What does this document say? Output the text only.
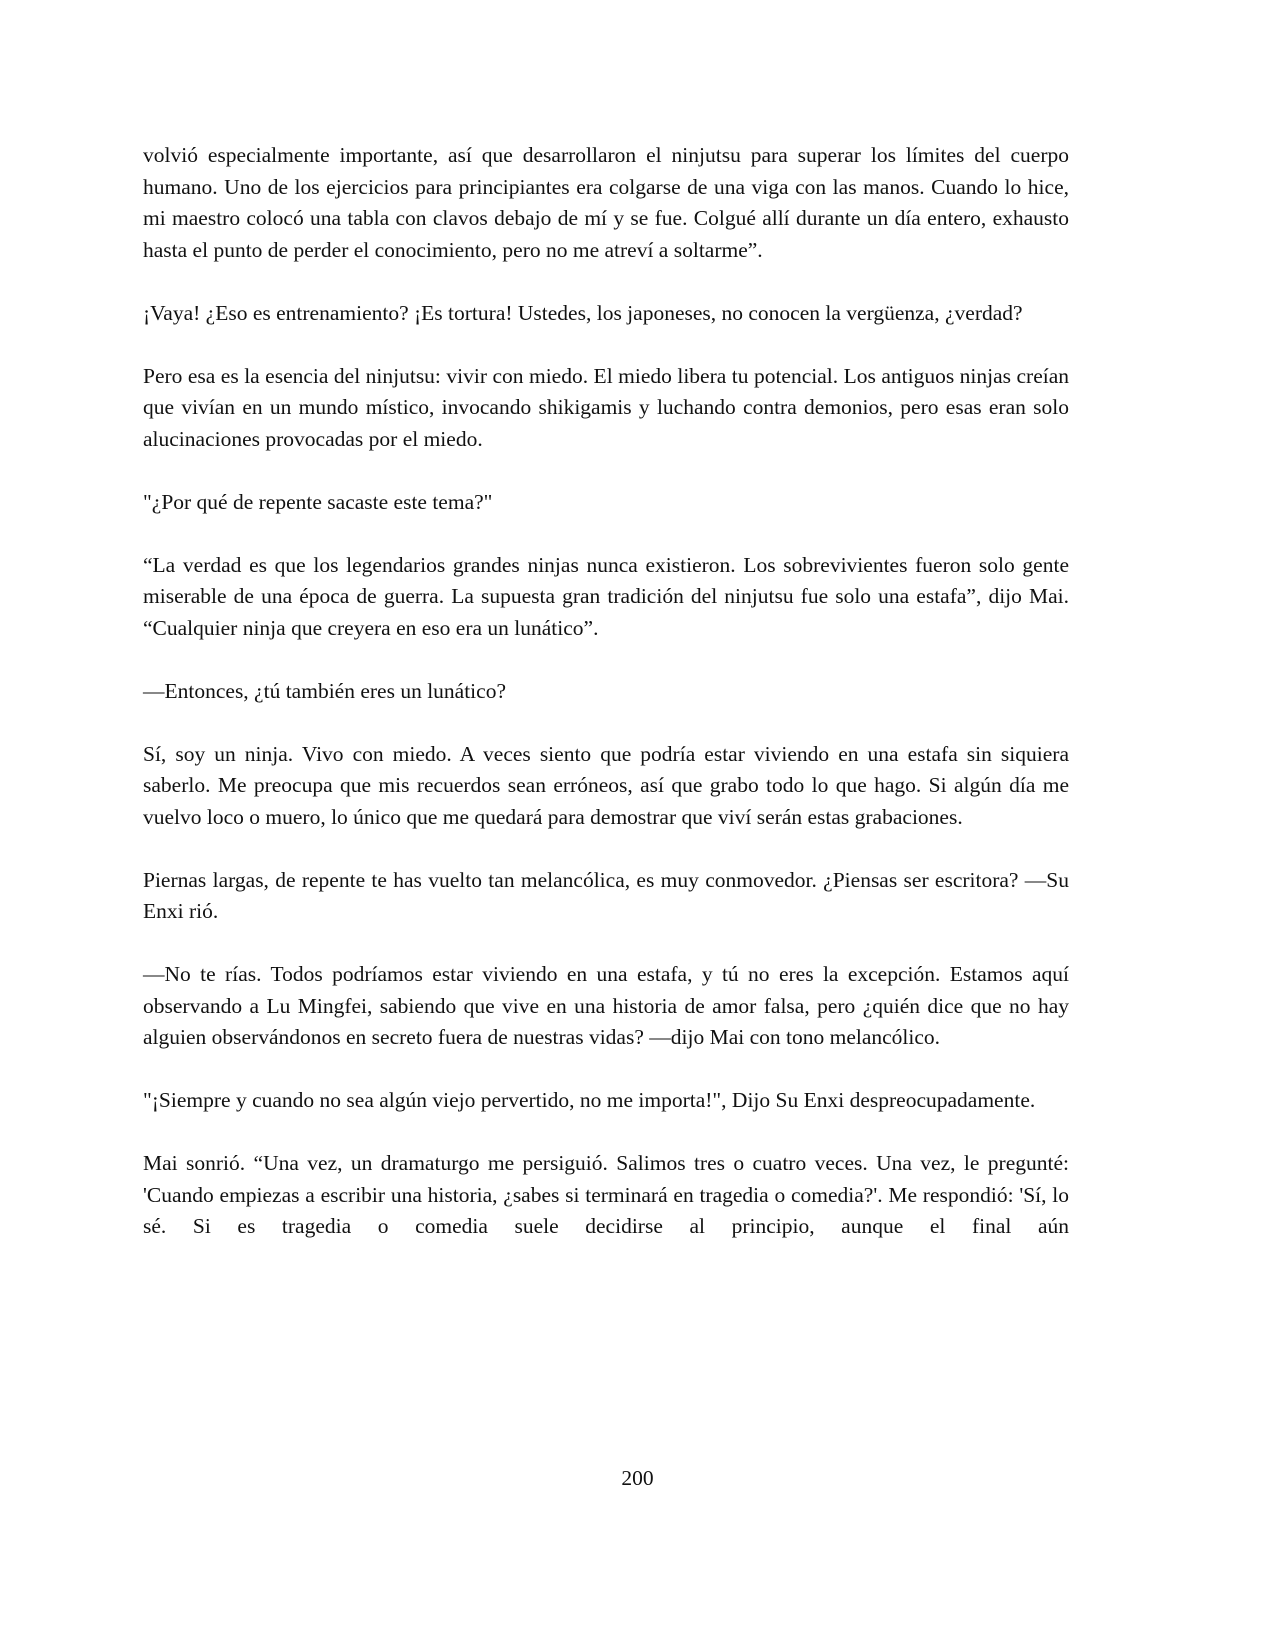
volvió especialmente importante, así que desarrollaron el ninjutsu para superar los límites del cuerpo humano. Uno de los ejercicios para principiantes era colgarse de una viga con las manos. Cuando lo hice, mi maestro colocó una tabla con clavos debajo de mí y se fue. Colgué allí durante un día entero, exhausto hasta el punto de perder el conocimiento, pero no me atreví a soltarme”.

¡Vaya! ¿Eso es entrenamiento? ¡Es tortura! Ustedes, los japoneses, no conocen la vergüenza, ¿verdad?

Pero esa es la esencia del ninjutsu: vivir con miedo. El miedo libera tu potencial. Los antiguos ninjas creían que vivían en un mundo místico, invocando shikigamis y luchando contra demonios, pero esas eran solo alucinaciones provocadas por el miedo.

"¿Por qué de repente sacaste este tema?"

“La verdad es que los legendarios grandes ninjas nunca existieron. Los sobrevivientes fueron solo gente miserable de una época de guerra. La supuesta gran tradición del ninjutsu fue solo una estafa”, dijo Mai. “Cualquier ninja que creyera en eso era un lunático”.

—Entonces, ¿tú también eres un lunático?

Sí, soy un ninja. Vivo con miedo. A veces siento que podría estar viviendo en una estafa sin siquiera saberlo. Me preocupa que mis recuerdos sean erróneos, así que grabo todo lo que hago. Si algún día me vuelvo loco o muero, lo único que me quedará para demostrar que viví serán estas grabaciones.

Piernas largas, de repente te has vuelto tan melancólica, es muy conmovedor. ¿Piensas ser escritora? —Su Enxi rió.

—No te rías. Todos podríamos estar viviendo en una estafa, y tú no eres la excepción. Estamos aquí observando a Lu Mingfei, sabiendo que vive en una historia de amor falsa, pero ¿quién dice que no hay alguien observándonos en secreto fuera de nuestras vidas? —dijo Mai con tono melancólico.

"¡Siempre y cuando no sea algún viejo pervertido, no me importa!", Dijo Su Enxi despreocupadamente.

Mai sonrió. “Una vez, un dramaturgo me persiguió. Salimos tres o cuatro veces. Una vez, le pregunté: 'Cuando empiezas a escribir una historia, ¿sabes si terminará en tragedia o comedia?'. Me respondió: 'Sí, lo sé. Si es tragedia o comedia suele decidirse al principio, aunque el final aún

200
